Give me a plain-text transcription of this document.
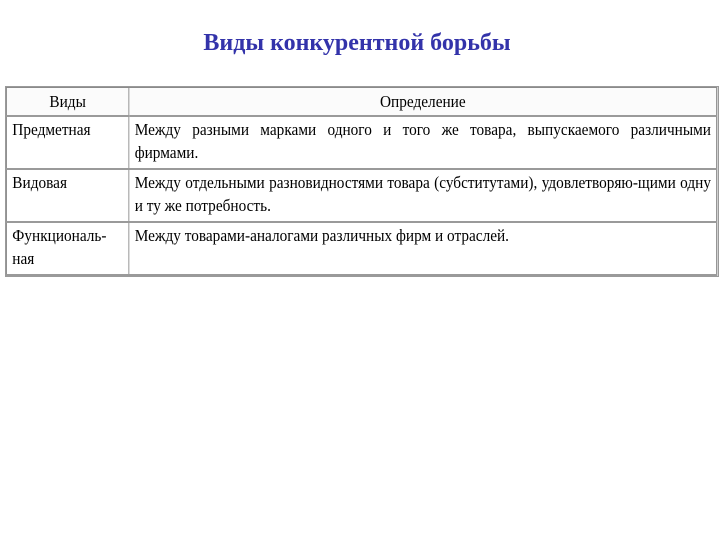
Виды конкурентной борьбы
Виды	Определение
Предметная	Между разными марками одного и того же товара, выпускаемого различными фирмами.
Видовая	Между отдельными разновидностями товара (субститутами), удовлетворяю-щими одну и ту же потребность.
Функциональ-ная	Между товарами-аналогами различных фирм и отраслей.
